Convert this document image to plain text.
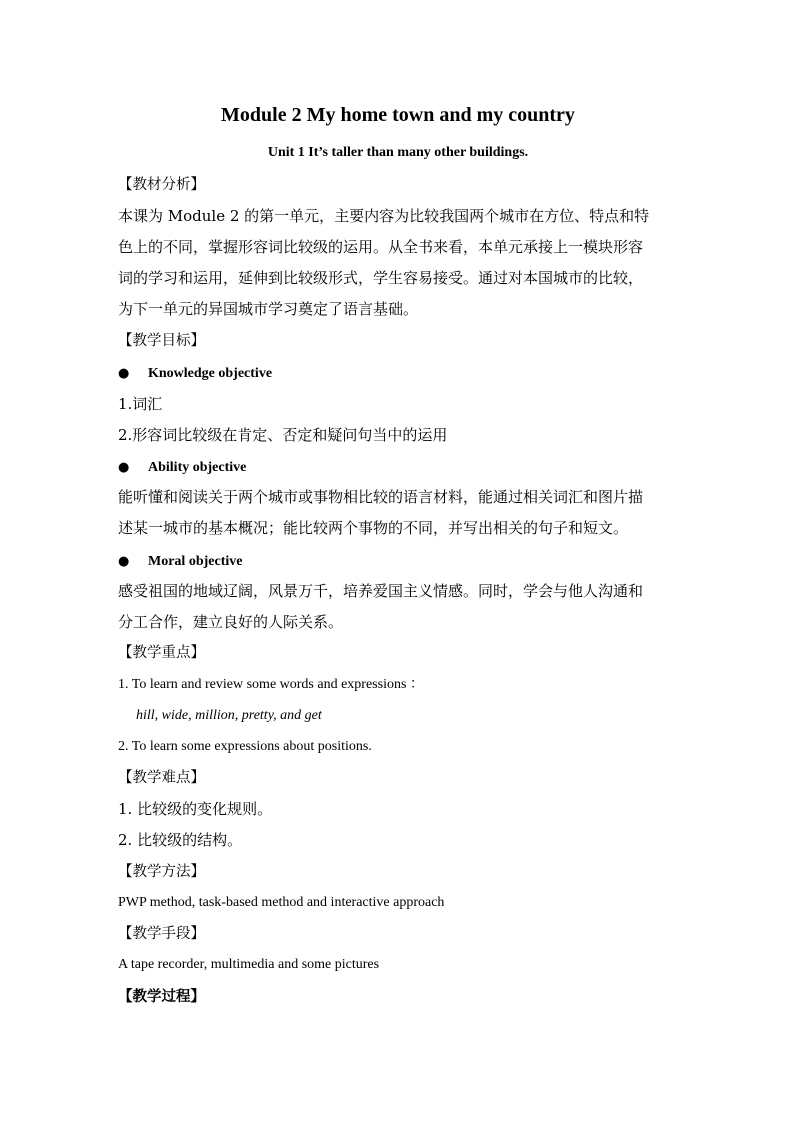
Module 2 My home town and my country
Unit 1 It’s taller than many other buildings.
【教材分析】
本课为 Module 2 的第一单元，主要内容为比较我国两个城市在方位、特点和特
色上的不同，掌握形容词比较级的运用。从全书来看，本单元承接上一模块形容
词的学习和运用，延伸到比较级形式，学生容易接受。通过对本国城市的比较，
为下一单元的异国城市学习奠定了语言基础。
【教学目标】
● Knowledge objective
1.词汇
2.形容词比较级在肯定、否定和疑问句当中的运用
● Ability objective
能听懂和阅读关于两个城市或事物相比较的语言材料，能通过相关词汇和图片描
述某一城市的基本概况；能比较两个事物的不同，并写出相关的句子和短文。
● Moral objective
感受祖国的地域辽阔，风景万千，培养爱国主义情感。同时，学会与他人沟通和
分工合作，建立良好的人际关系。
【教学重点】
1. To learn and review some words and expressions ：
hill, wide, million, pretty, and get
2. To learn some expressions about positions.
【教学难点】
1. 比较级的变化规则。
2. 比较级的结构。
【教学方法】
PWP method, task-based method and interactive approach
【教学手段】
A tape recorder, multimedia and some pictures
【教学过程】
